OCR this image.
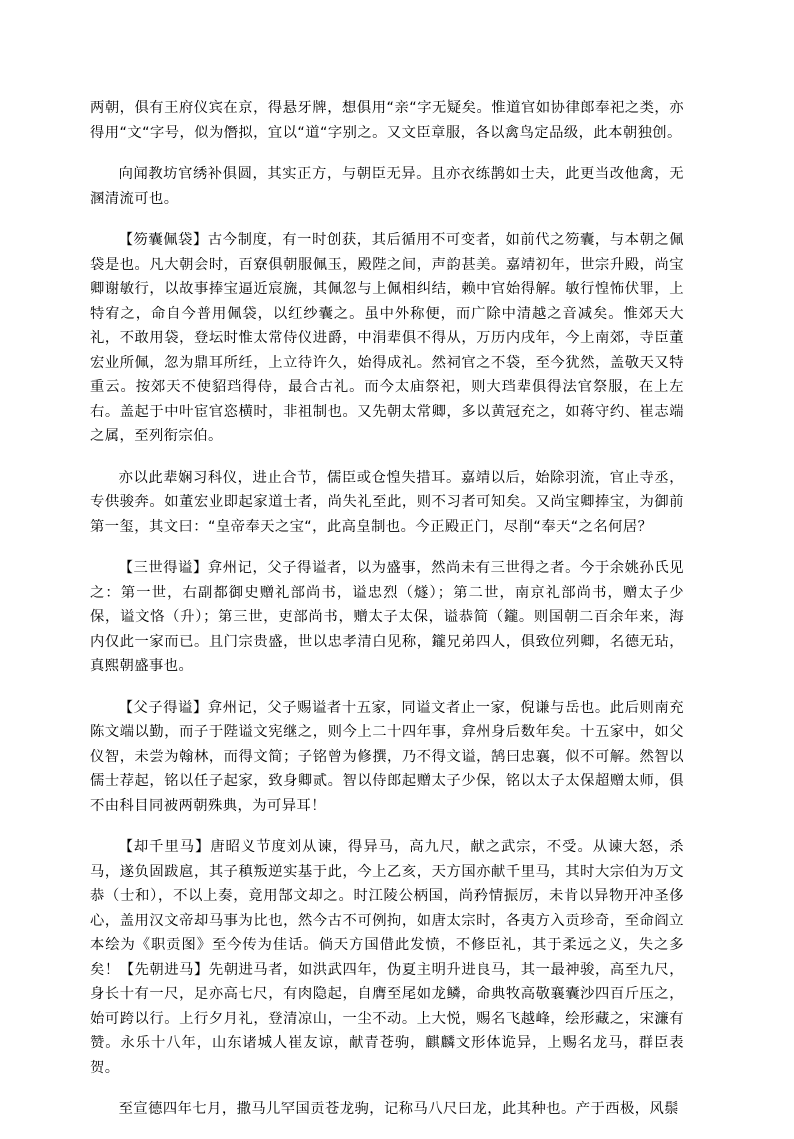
两朝，俱有王府仪宾在京，得悬牙牌，想俱用“亲“字无疑矣。惟道官如协律郎奉祀之类，亦得用“文“字号，似为僭拟，宜以“道“字别之。又文臣章服，各以禽鸟定品级，此本朝独创。

向闻教坊官绣补俱圆，其实正方，与朝臣无异。且亦衣练鹊如士夫，此更当改他禽，无溷清流可也。

【笏囊佩袋】古今制度，有一时创获，其后循用不可变者，如前代之笏囊，与本朝之佩袋是也。凡大朝会时，百寮俱朝服佩玉，殿陛之间，声韵甚美。嘉靖初年，世宗升殿，尚宝卿谢敏行，以故事捧宝逼近宸旒，其佩忽与上佩相纠结，赖中官始得解。敏行惶怖伏罪，上特宥之，命自今普用佩袋，以红纱囊之。虽中外称便，而广除中清越之音减矣。惟郊天大礼，不敢用袋，登坛时惟太常侍仪进爵，中涓辈俱不得从，万历内戌年，今上南郊，寺臣董宏业所佩，忽为鼎耳所纴，上立待许久，始得成礼。然祠官之不袋，至今犹然，盖敬天又特重云。按郊天不使貂珰得侍，最合古礼。而今太庙祭祀，则大珰辈俱得法官祭服，在上左右。盖起于中叶宦官恣横时，非祖制也。又先朝太常卿，多以黄冠充之，如蒋守约、崔志端之属，至列衔宗伯。

亦以此辈娴习科仪，进止合节，儒臣或仓惶失措耳。嘉靖以后，始除羽流，官止寺丞，专供骏奔。如董宏业即起家道士者，尚失礼至此，则不习者可知矣。又尚宝卿捧宝，为御前第一玺，其文曰：“皇帝奉天之宝“，此高皇制也。今正殿正门，尽削“奉天“之名何居？

【三世得谥】弇州记，父子得谥者，以为盛事，然尚未有三世得之者。今于余姚孙氏见之：第一世，右副都御史赠礼部尚书，谥忠烈（燧）；第二世，南京礼部尚书，赠太子少保，谥文恪（升）；第三世，吏部尚书，赠太子太保，谥恭简（鑨。则国朝二百余年来，海内仅此一家而已。且门宗贵盛，世以忠孝清白见称，鑨兄弟四人，俱致位列卿，名德无玷，真熙朝盛事也。

【父子得谥】弇州记，父子赐谥者十五家，同谥文者止一家，倪谦与岳也。此后则南充陈文端以勤，而子于陛谥文宪继之，则今上二十四年事，弇州身后数年矣。十五家中，如父仪智，未尝为翰林，而得文简；子铭曾为修撰，乃不得文谥，鹄曰忠襄，似不可解。然智以儒士荐起，铭以任子起家，致身卿贰。智以侍郎起赠太子少保，铭以太子太保超赠太师，俱不由科目同被两朝殊典，为可异耳！

【却千里马】唐昭义节度刘从谏，得异马，高九尺，献之武宗，不受。从谏大怒，杀马，遂负固跋扈，其子稹叛逆实基于此，今上乙亥，天方国亦献千里马，其时大宗伯为万文恭（士和），不以上奏，竟用郜文却之。时江陵公柄国，尚矜情振厉，未肯以异物开冲圣侈心，盖用汉文帝却马事为比也，然今古不可例拘，如唐太宗时，各夷方入贡珍奇，至命阎立本绘为《职贡图》至今传为佳话。倘天方国借此发愤，不修臣礼，其于柔远之义，失之多矣！【先朝进马】先朝进马者，如洪武四年，伪夏主明升进良马，其一最神骏，高至九尺，身长十有一尺，足亦高七尺，有肉隐起，自膺至尾如龙鳞，命典牧高敬襄囊沙四百斤压之，始可跨以行。上行夕月礼，登清凉山，一尘不动。上大悦，赐名飞越峰，绘形藏之，宋濂有赞。永乐十八年，山东诸城人崔友谅，献青苍驹，麒麟文形体诡异，上赐名龙马，群臣表贺。

至宣德四年七月，撒马儿罕国贡苍龙驹，记称马八尺曰龙，此其种也。产于西极，风鬃
